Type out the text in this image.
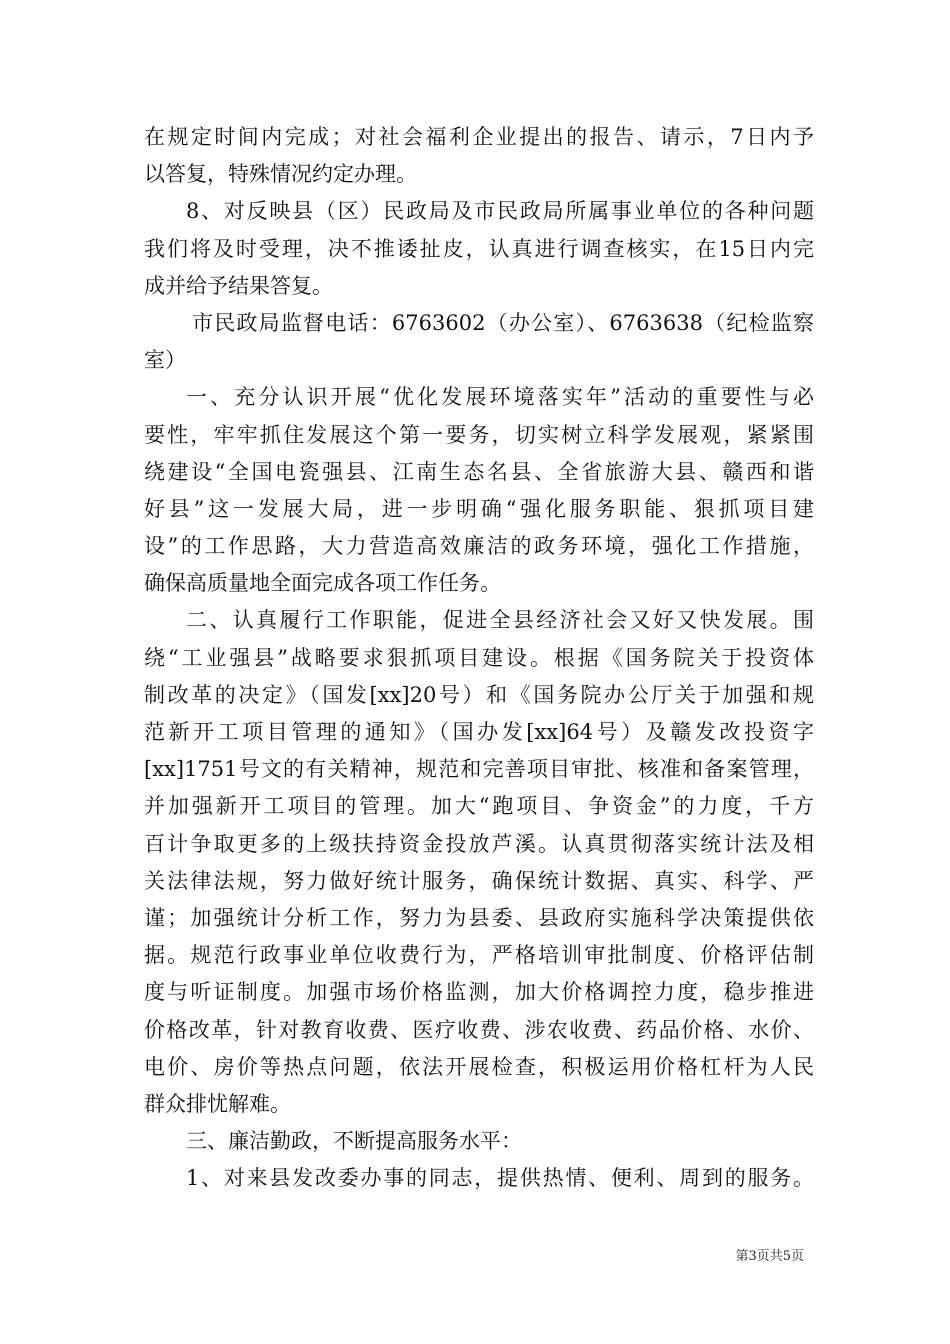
在规定时间内完成；对社会福利企业提出的报告、请示，7日内予
以答复，特殊情况约定办理。
8、对反映县（区）民政局及市民政局所属事业单位的各种问题
我们将及时受理，决不推诿扯皮，认真进行调查核实，在15日内完
成并给予结果答复。
市民政局监督电话：6763602（办公室）、6763638（纪检监察
室）
一、充分认识开展“优化发展环境落实年”活动的重要性与必
要性，牢牢抓住发展这个第一要务，切实树立科学发展观，紧紧围
绕建设“全国电瓷强县、江南生态名县、全省旅游大县、赣西和谐
好县”这一发展大局，进一步明确“强化服务职能、狠抓项目建
设”的工作思路，大力营造高效廉洁的政务环境，强化工作措施，
确保高质量地全面完成各项工作任务。
二、认真履行工作职能，促进全县经济社会又好又快发展。围
绕“工业强县”战略要求狠抓项目建设。根据《国务院关于投资体
制改革的决定》（国发[xx]20号）和《国务院办公厅关于加强和规
范新开工项目管理的通知》（国办发[xx]64号）及赣发改投资字
[xx]1751号文的有关精神，规范和完善项目审批、核准和备案管理，
并加强新开工项目的管理。加大“跑项目、争资金”的力度，千方
百计争取更多的上级扶持资金投放芦溪。认真贯彻落实统计法及相
关法律法规，努力做好统计服务，确保统计数据、真实、科学、严
谨；加强统计分析工作，努力为县委、县政府实施科学决策提供依
据。规范行政事业单位收费行为，严格培训审批制度、价格评估制
度与听证制度。加强市场价格监测，加大价格调控力度，稳步推进
价格改革，针对教育收费、医疗收费、涉农收费、药品价格、水价、
电价、房价等热点问题，依法开展检查，积极运用价格杠杆为人民
群众排忧解难。
三、廉洁勤政，不断提高服务水平：
1、对来县发改委办事的同志，提供热情、便利、周到的服务。
第3页共5页
